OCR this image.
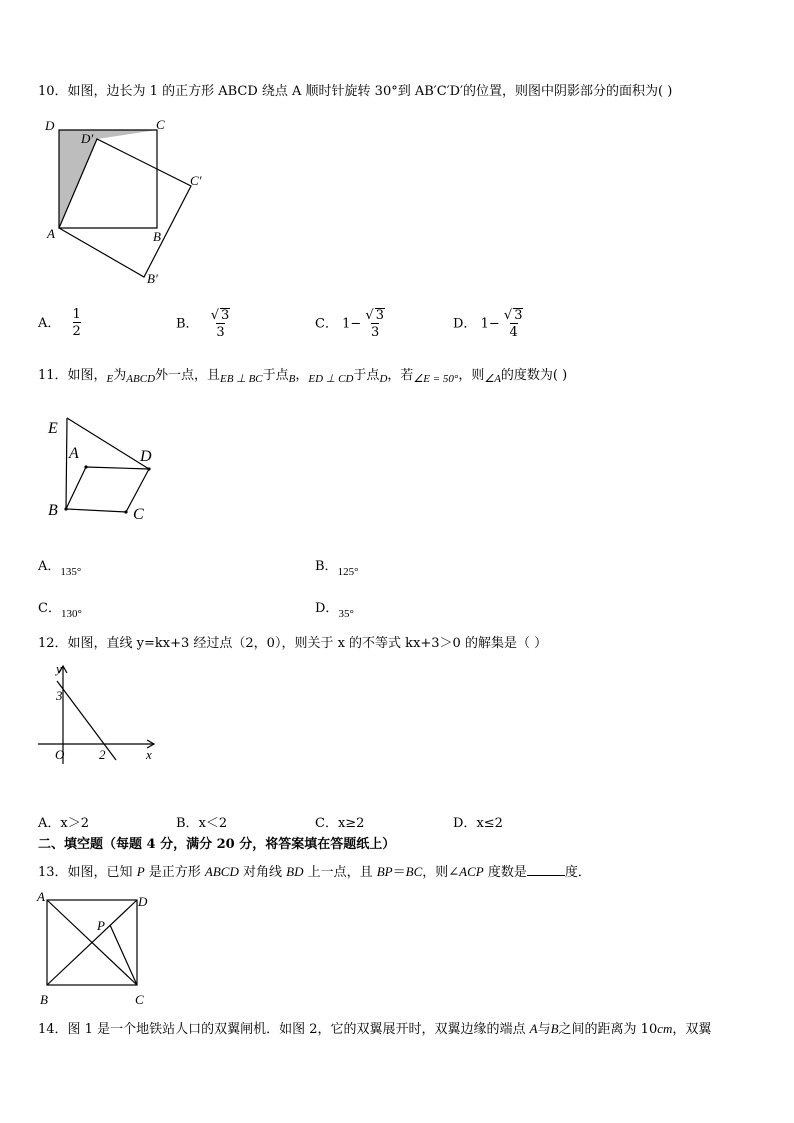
10．如图，边长为 1 的正方形 ABCD 绕点 A 顺时针旋转 30°到 AB′C′D′的位置，则图中阴影部分的面积为( )
D
D′
C
C′
A	B
B′
A． $\frac{1}{2}$	B． $\frac{√ 3}{3}$	C． $1- \frac{√ 3}{3}$	D． $1- \frac{√ 3}{4}$
11．如图，$_E$为$_{ABCD}$外一点，且$_{EB \perp BC}$于点$_B$，$_{ED \perp CD}$于点$_D$，若$_{\angle E = 50^\circ}$，则$_{\angle A}$的度数为( )
E
A	D
B	C
A．$_{135^\circ}$	B．$_{125^\circ}$
C．$_{130^\circ}$	D．$_{35^\circ}$
12．如图，直线 y=kx+3 经过点（2，0），则关于 x 的不等式 kx+3＞0 的解集是（ ）
y
3
O	2	x
A．x＞2	B．x＜2	C．x≥2	D．x≤2
二、填空题（每题 4 分，满分 20 分，将答案填在答题纸上）
13．如图，已知 P 是正方形 ABCD 对角线 BD 上一点，且 BP＝BC，则∠ACP 度数是	度．
A	D
P
B	C
14．图 1 是一个地铁站人口的双翼闸机．如图 2，它的双翼展开时，双翼边缘的端点 A与B之间的距离为 10cm，双翼
